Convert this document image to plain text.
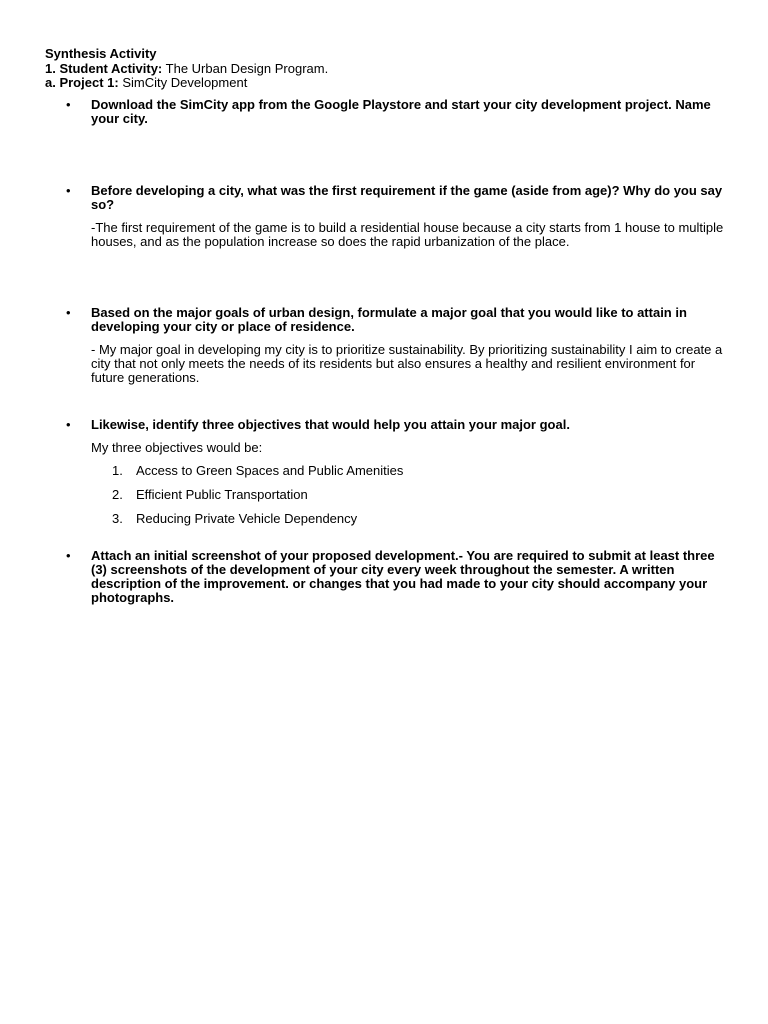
Synthesis Activity
1. Student Activity: The Urban Design Program.
a. Project 1: SimCity Development
• Download the SimCity app from the Google Playstore and start your city development project. Name your city.
• Before developing a city, what was the first requirement if the game (aside from age)? Why do you say so?
-The first requirement of the game is to build a residential house because a city starts from 1 house to multiple houses, and as the population increase so does the rapid urbanization of the place.
• Based on the major goals of urban design, formulate a major goal that you would like to attain in developing your city or place of residence.
- My major goal in developing my city is to prioritize sustainability. By prioritizing sustainability I aim to create a city that not only meets the needs of its residents but also ensures a healthy and resilient environment for future generations.
• Likewise, identify three objectives that would help you attain your major goal.
My three objectives would be:
1. Access to Green Spaces and Public Amenities
2. Efficient Public Transportation
3. Reducing Private Vehicle Dependency
• Attach an initial screenshot of your proposed development.- You are required to submit at least three (3) screenshots of the development of your city every week throughout the semester. A written description of the improvement. or changes that you had made to your city should accompany your photographs.
